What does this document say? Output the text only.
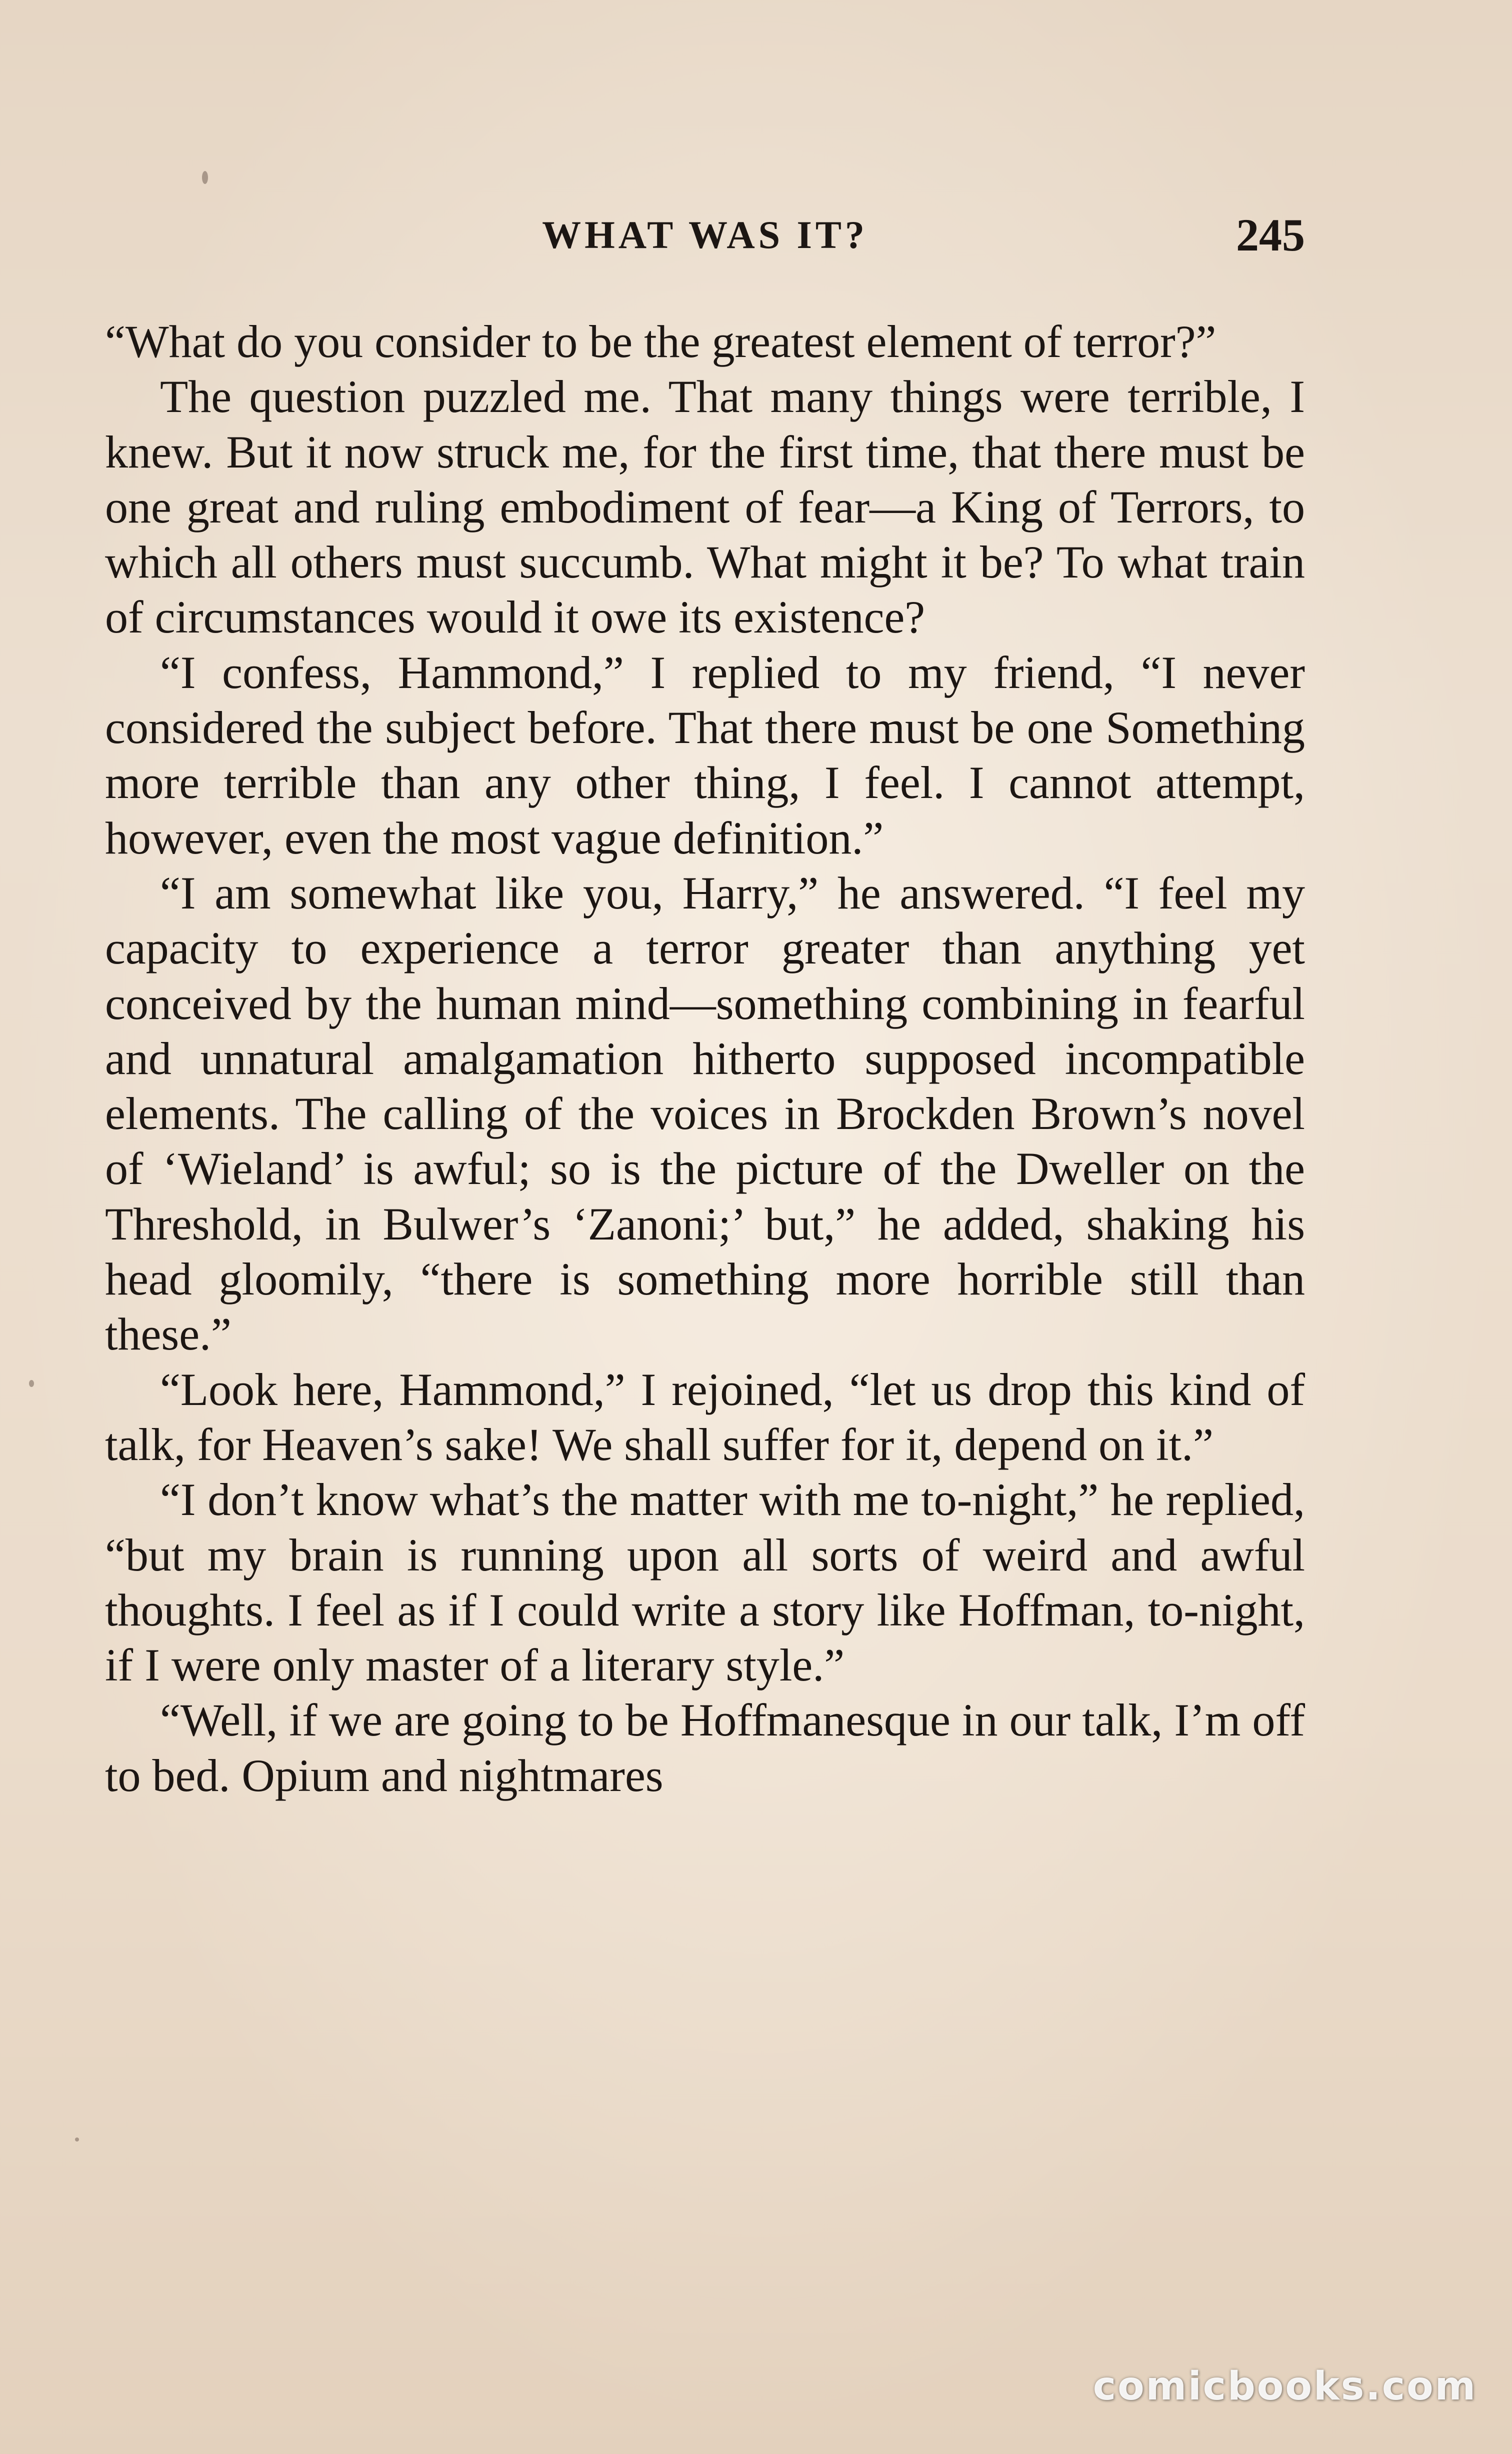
WHAT WAS IT?	245

“What do you consider to be the greatest element of terror?”

The question puzzled me. That many things were terrible, I knew. But it now struck me, for the first time, that there must be one great and ruling embodiment of fear—a King of Terrors, to which all others must succumb. What might it be? To what train of circumstances would it owe its existence?

“I confess, Hammond,” I replied to my friend, “I never considered the subject before. That there must be one Something more terrible than any other thing, I feel. I cannot attempt, however, even the most vague definition.”

“I am somewhat like you, Harry,” he answered. “I feel my capacity to experience a terror greater than anything yet conceived by the human mind—something combining in fearful and unnatural amalgamation hitherto supposed incompatible elements. The calling of the voices in Brockden Brown’s novel of ‘Wieland’ is awful; so is the picture of the Dweller on the Threshold, in Bulwer’s ‘Zanoni;’ but,” he added, shaking his head gloomily, “there is something more horrible still than these.”

“Look here, Hammond,” I rejoined, “let us drop this kind of talk, for Heaven’s sake! We shall suffer for it, depend on it.”

“I don’t know what’s the matter with me to-night,” he replied, “but my brain is running upon all sorts of weird and awful thoughts. I feel as if I could write a story like Hoffman, to-night, if I were only master of a literary style.”

“Well, if we are going to be Hoffmanesque in our talk, I’m off to bed. Opium and nightmares

comicbooks.com
